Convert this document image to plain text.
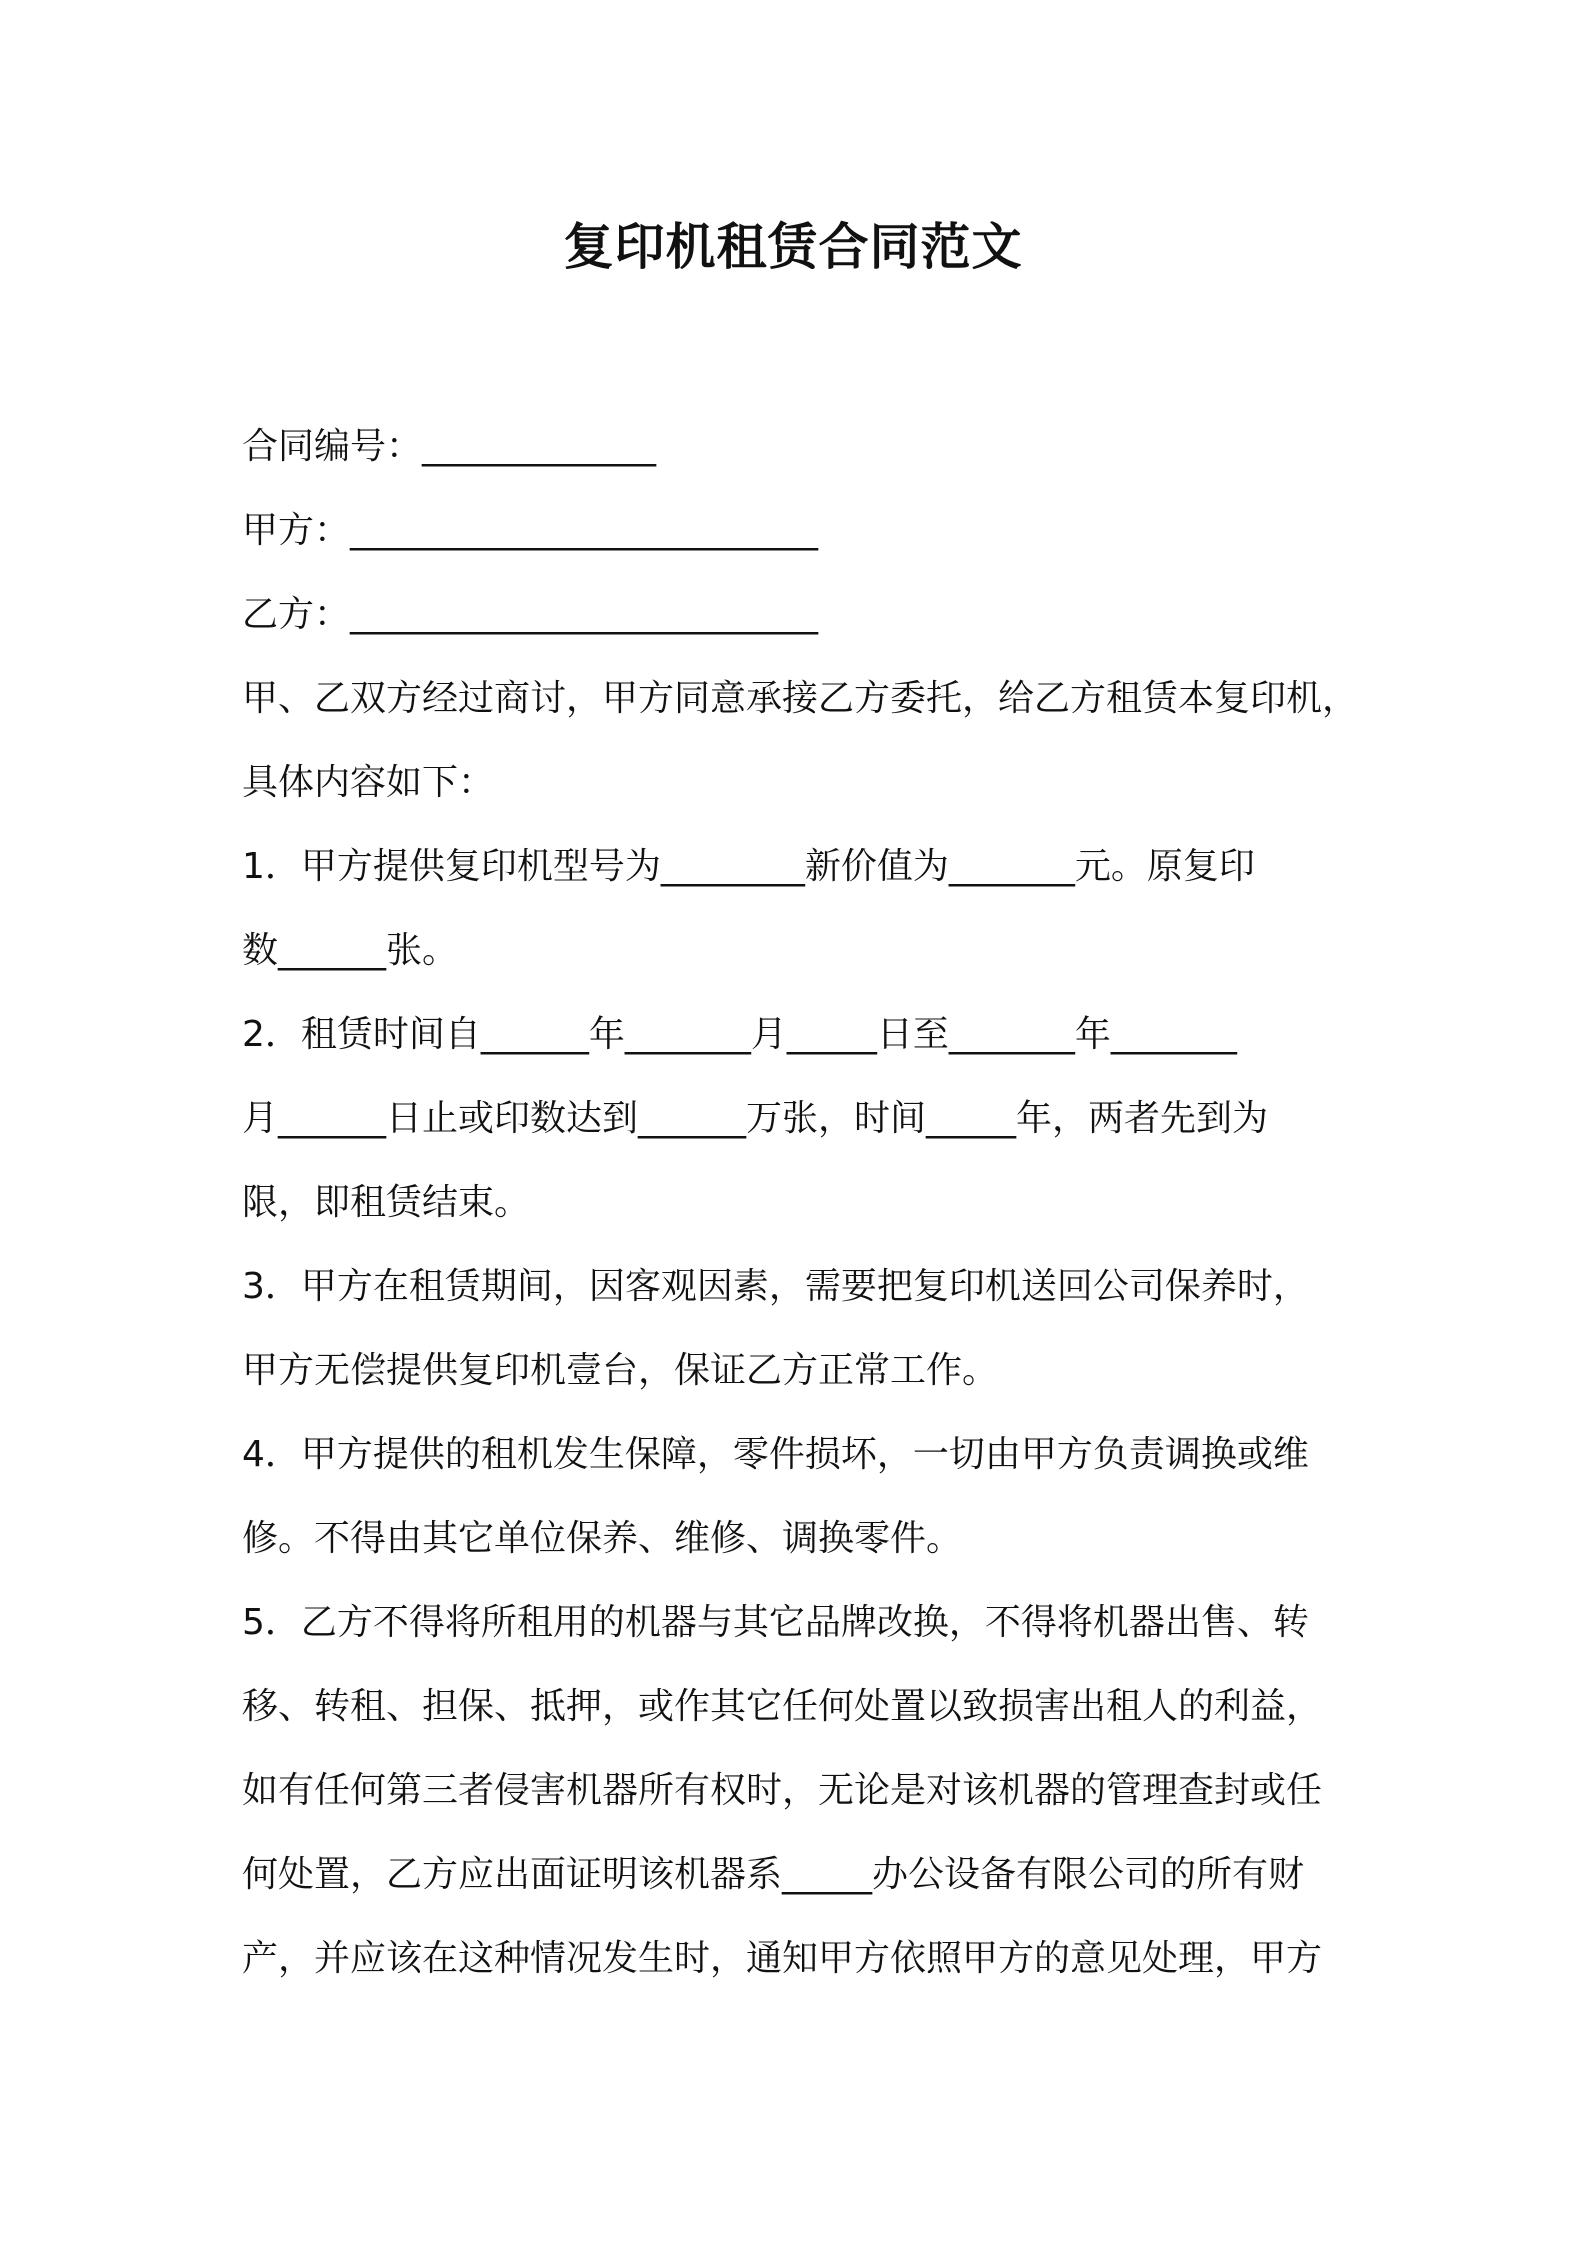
复印机租赁合同范文
合同编号：_____________
甲方：__________________________
乙方：__________________________
甲、乙双方经过商讨，甲方同意承接乙方委托，给乙方租赁本复印机，
具体内容如下：
1．甲方提供复印机型号为________新价值为_______元。原复印
数______张。
2．租赁时间自______年_______月_____日至_______年_______
月______日止或印数达到______万张，时间_____年，两者先到为
限，即租赁结束。
3．甲方在租赁期间，因客观因素，需要把复印机送回公司保养时，
甲方无偿提供复印机壹台，保证乙方正常工作。
4．甲方提供的租机发生保障，零件损坏，一切由甲方负责调换或维
修。不得由其它单位保养、维修、调换零件。
5．乙方不得将所租用的机器与其它品牌改换，不得将机器出售、转
移、转租、担保、抵押，或作其它任何处置以致损害出租人的利益，
如有任何第三者侵害机器所有权时，无论是对该机器的管理查封或任
何处置，乙方应出面证明该机器系_____办公设备有限公司的所有财
产，并应该在这种情况发生时，通知甲方依照甲方的意见处理，甲方
